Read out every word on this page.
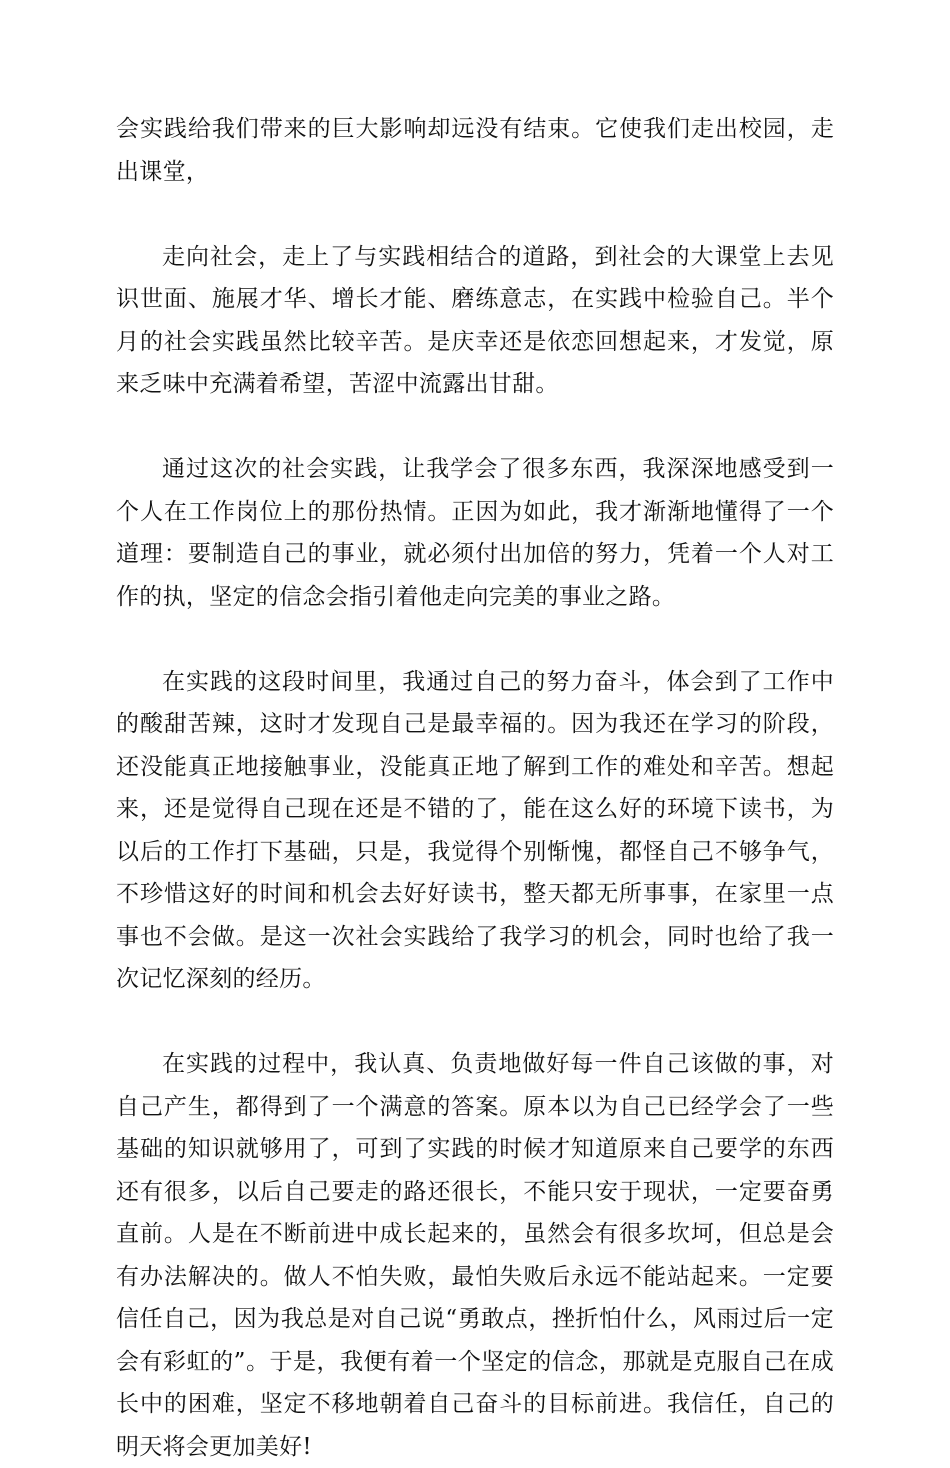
会实践给我们带来的巨大影响却远没有结束。它使我们走出校园，走出课堂，

走向社会，走上了与实践相结合的道路，到社会的大课堂上去见识世面、施展才华、增长才能、磨练意志，在实践中检验自己。半个月的社会实践虽然比较辛苦。是庆幸还是依恋回想起来，才发觉，原来乏味中充满着希望，苦涩中流露出甘甜。

通过这次的社会实践，让我学会了很多东西，我深深地感受到一个人在工作岗位上的那份热情。正因为如此，我才渐渐地懂得了一个道理：要制造自己的事业，就必须付出加倍的努力，凭着一个人对工作的执，坚定的信念会指引着他走向完美的事业之路。

在实践的这段时间里，我通过自己的努力奋斗，体会到了工作中的酸甜苦辣，这时才发现自己是最幸福的。因为我还在学习的阶段，还没能真正地接触事业，没能真正地了解到工作的难处和辛苦。想起来，还是觉得自己现在还是不错的了，能在这么好的环境下读书，为以后的工作打下基础，只是，我觉得个别惭愧，都怪自己不够争气，不珍惜这好的时间和机会去好好读书，整天都无所事事，在家里一点事也不会做。是这一次社会实践给了我学习的机会，同时也给了我一次记忆深刻的经历。

在实践的过程中，我认真、负责地做好每一件自己该做的事，对自己产生，都得到了一个满意的答案。原本以为自己已经学会了一些基础的知识就够用了，可到了实践的时候才知道原来自己要学的东西还有很多，以后自己要走的路还很长，不能只安于现状，一定要奋勇直前。人是在不断前进中成长起来的，虽然会有很多坎坷，但总是会有办法解决的。做人不怕失败，最怕失败后永远不能站起来。一定要信任自己，因为我总是对自己说“勇敢点，挫折怕什么，风雨过后一定会有彩虹的”。于是，我便有着一个坚定的信念，那就是克服自己在成长中的困难，坚定不移地朝着自己奋斗的目标前进。我信任，自己的明天将会更加美好!
